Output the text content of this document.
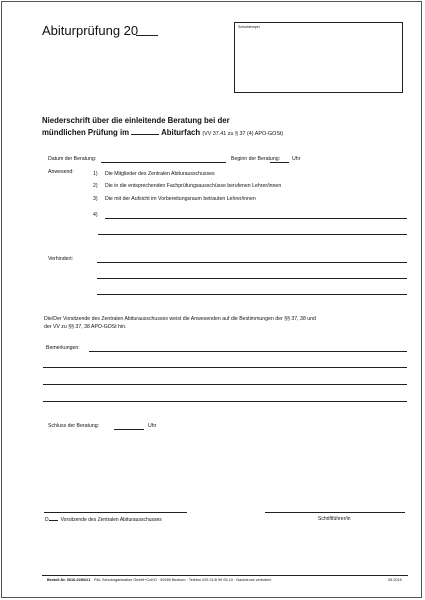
Abiturprüfung 20	Schulstempel
Niederschrift über die einleitende Beratung bei der
mündlichen Prüfung im	Abiturfach (VV 37.41 zu § 37 (4) APO-GOSt)
Datum der Beratung:	Beginn der Beratung: Uhr
Anwesend:	1) Die Mitglieder des Zentralen Abiturausschusses
2) Die in die entsprechenden Fachprüfungsausschüsse berufenen Lehrer/innen
3) Die mit der Aufsicht im Vorbereitungsraum betrauten Lehrer/innen
4)
Verhindert:
Die/Der Vorsitzende des Zentralen Abiturausschusses weist die Anwesenden auf die Bestimmungen der §§ 37, 38 und
der VV zu §§ 37, 38 APO-GOSt hin.
Bemerkungen:
Schluss der Beratung:	Uhr
D Vorsitzende des Zentralen Abiturausschusses	Schriftführer/in
Bestell-Nr. 0616-0280/21 P&L Schulorganisation GmbH+CoKG · 59269 Beckum · Telefon 025 21/8 99 05-10 · Nachdruck verboten!	05.2015
